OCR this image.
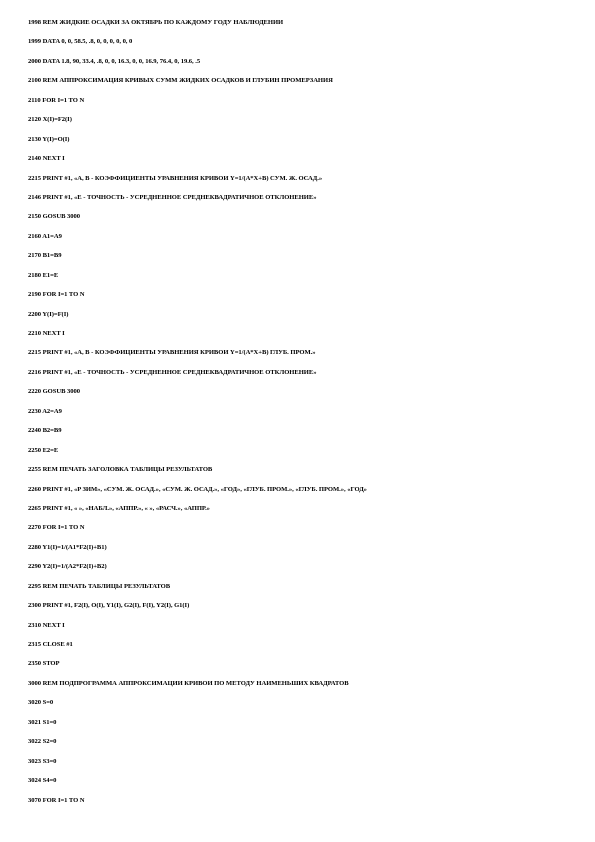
1998 REM ЖИДКИЕ ОСАДКИ ЗА ОКТЯБРЬ ПО КАЖДОМУ ГОДУ НАБЛЮДЕНИЙ
1999 DATA 0, 0, 58.5, .8, 0, 0, 0, 0, 0, 0
2000 DATA 1.8, 90, 33.4, .8, 0, 0, 16.3, 0, 0, 16.9, 76.4, 0, 19.6, .5
2100 REM АППРОКСИМАЦИЯ КРИВЫХ СУММ ЖИДКИХ ОСАДКОВ И ГЛУБИН ПРОМЕРЗАНИЯ
2110 FOR I=1 TO N
2120 X(I)=F2(I)
2130 Y(I)=O(I)
2140 NEXT I
2215 PRINT #1, «A, B - КОЭФФИЦИЕНТЫ УРАВНЕНИЯ КРИВОЙ Y=1/(A*X+B) СУМ. Ж. ОСАД.»
2146 PRINT #1, «E - ТОЧНОСТЬ - УСРЕДНЕННОЕ СРЕДНЕКВАДРАТИЧНОЕ ОТКЛОНЕНИЕ»
2150 GOSUB 3000
2160 A1=A9
2170 B1=B9
2180 E1=E
2190 FOR I=1 TO N
2200 Y(I)=F(I)
2210 NEXT I
2215 PRINT #1, «A, B - КОЭФФИЦИЕНТЫ УРАВНЕНИЯ КРИВОЙ Y=1/(A*X+B) ГЛУБ. ПРОМ.»
2216 PRINT #1, «E - ТОЧНОСТЬ - УСРЕДНЕННОЕ СРЕДНЕКВАДРАТИЧНОЕ ОТКЛОНЕНИЕ»
2220 GOSUB 3000
2230 A2=A9
2240 B2=B9
2250 E2=E
2255 REM ПЕЧАТЬ ЗАГОЛОВКА ТАБЛИЦЫ РЕЗУЛЬТАТОВ
2260 PRINT #1, «P ЗИМ», «СУМ. Ж. ОСАД.», «СУМ. Ж. ОСАД.», «ГОД», «ГЛУБ. ПРОМ.», «ГЛУБ. ПРОМ.», «ГОД»
2265 PRINT #1, « », «НАБЛ.», «АППР.», « », «РАСЧ.», «АППР.»
2270 FOR I=1 TO N
2280 Y1(I)=1/(A1*F2(I)+B1)
2290 Y2(I)=1/(A2*F2(I)+B2)
2295 REM ПЕЧАТЬ ТАБЛИЦЫ РЕЗУЛЬТАТОВ
2300 PRINT #1, F2(I), O(I), Y1(I), G2(I), F(I), Y2(I), G1(I)
2310 NEXT I
2315 CLOSE #1
2350 STOP
3000 REM ПОДПРОГРАММА АППРОКСИМАЦИИ КРИВОЙ ПО МЕТОДУ НАИМЕНЬШИХ КВАДРАТОВ
3020 S=0
3021 S1=0
3022 S2=0
3023 S3=0
3024 S4=0
3070 FOR I=1 TO N
